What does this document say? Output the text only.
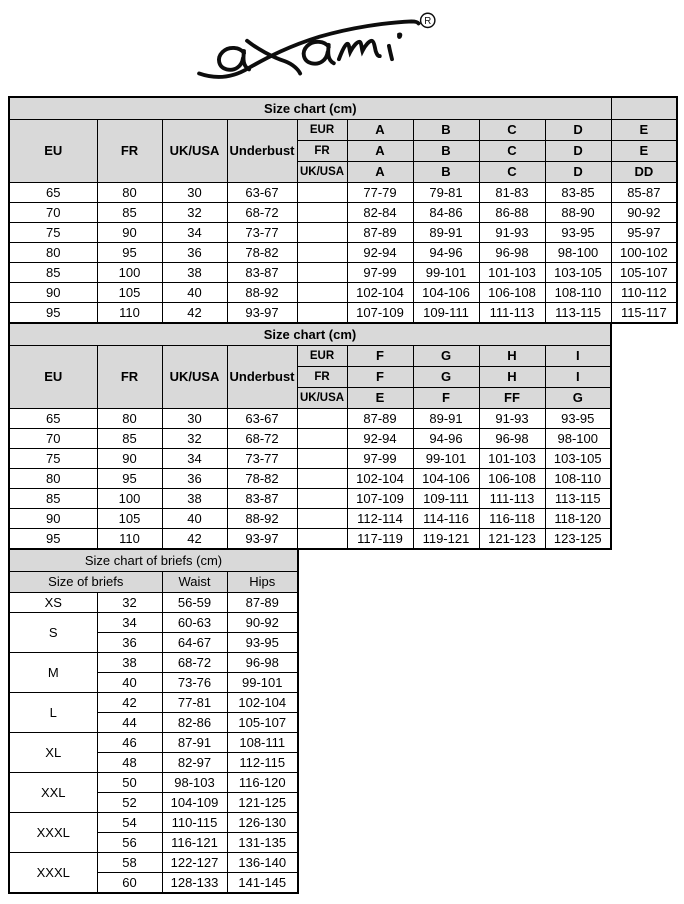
R
Size chart (cm)									
EU	FR	UK/USA	Underbust	EUR	A	B	C	D	E
				FR	A	B	C	D	E
				UK/USA	A	B	C	D	DD
65	80	30	63-67		77-79	79-81	81-83	83-85	85-87
70	85	32	68-72		82-84	84-86	86-88	88-90	90-92
75	90	34	73-77		87-89	89-91	91-93	93-95	95-97
80	95	36	78-82		92-94	94-96	96-98	98-100	100-102
85	100	38	83-87		97-99	99-101	101-103	103-105	105-107
90	105	40	88-92		102-104	104-106	106-108	108-110	110-112
95	110	42	93-97		107-109	109-111	111-113	113-115	115-117
Size chart (cm)								
EU	FR	UK/USA	Underbust	EUR	F	G	H	I
				FR	F	G	H	I
				UK/USA	E	F	FF	G
65	80	30	63-67		87-89	89-91	91-93	93-95
70	85	32	68-72		92-94	94-96	96-98	98-100
75	90	34	73-77		97-99	99-101	101-103	103-105
80	95	36	78-82		102-104	104-106	106-108	108-110
85	100	38	83-87		107-109	109-111	111-113	113-115
90	105	40	88-92		112-114	114-116	116-118	118-120
95	110	42	93-97		117-119	119-121	121-123	123-125
Size chart of briefs (cm)			
Size of briefs		Waist	Hips
XS	32	56-59	87-89
S	34	60-63	90-92
	36	64-67	93-95
M	38	68-72	96-98
	40	73-76	99-101
L	42	77-81	102-104
	44	82-86	105-107
XL	46	87-91	108-111
	48	82-97	112-115
XXL	50	98-103	116-120
	52	104-109	121-125
XXXL	54	110-115	126-130
	56	116-121	131-135
XXXL	58	122-127	136-140
	60	128-133	141-145
